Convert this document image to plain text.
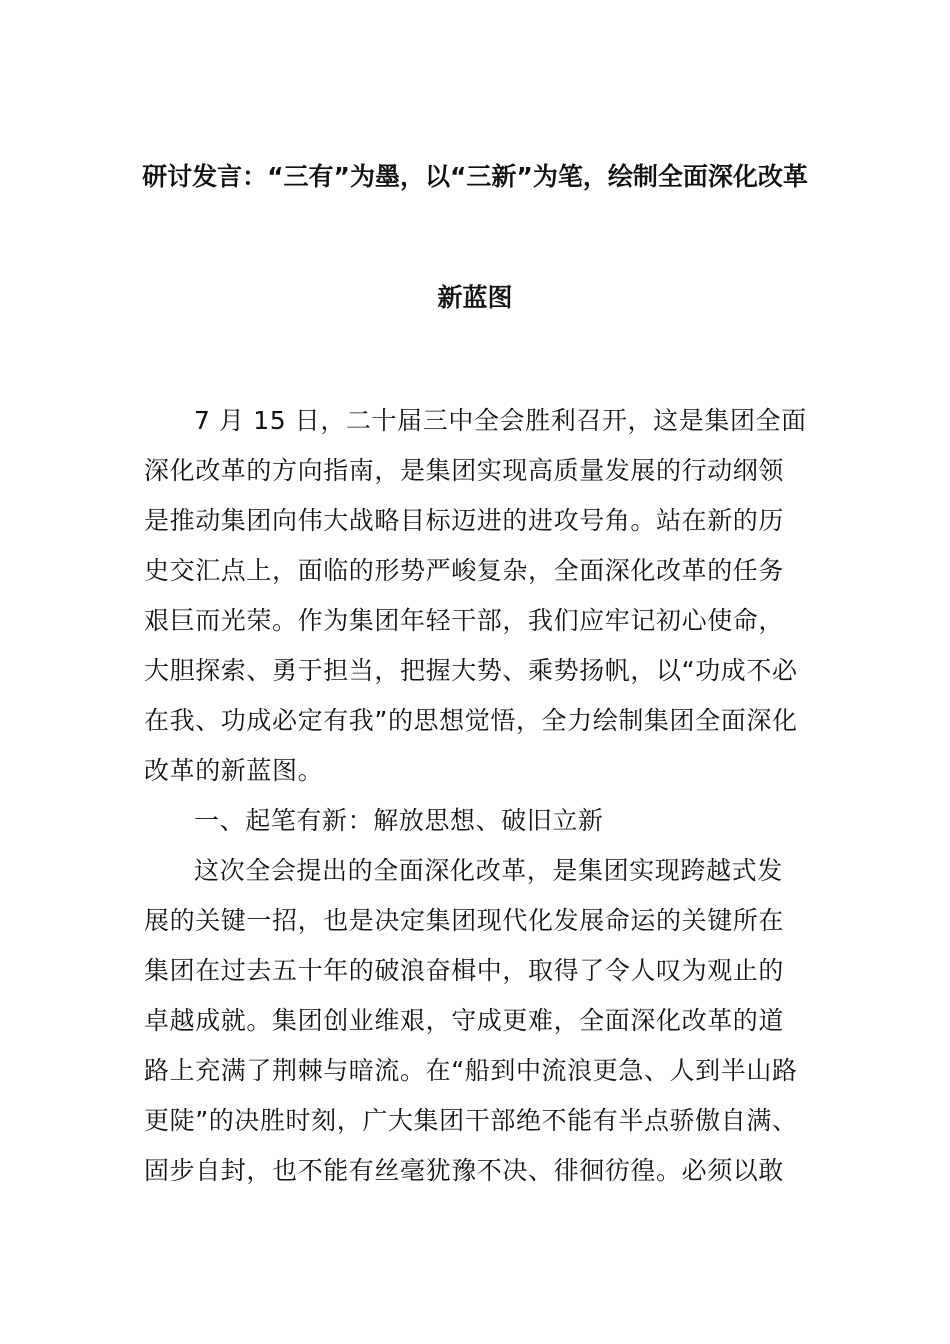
研讨发言：“三有”为墨，以“三新”为笔，绘制全面深化改革
新蓝图
7 月 15 日，二十届三中全会胜利召开，这是集团全面
深化改革的方向指南，是集团实现高质量发展的行动纲领
是推动集团向伟大战略目标迈进的进攻号角。站在新的历
史交汇点上，面临的形势严峻复杂，全面深化改革的任务
艰巨而光荣。作为集团年轻干部，我们应牢记初心使命，
大胆探索、勇于担当，把握大势、乘势扬帆，以“功成不必
在我、功成必定有我”的思想觉悟，全力绘制集团全面深化
改革的新蓝图。
一、起笔有新：解放思想、破旧立新
这次全会提出的全面深化改革，是集团实现跨越式发
展的关键一招，也是决定集团现代化发展命运的关键所在
集团在过去五十年的破浪奋楫中，取得了令人叹为观止的
卓越成就。集团创业维艰，守成更难，全面深化改革的道
路上充满了荆棘与暗流。在“船到中流浪更急、人到半山路
更陡”的决胜时刻，广大集团干部绝不能有半点骄傲自满、
固步自封，也不能有丝毫犹豫不决、徘徊彷徨。必须以敢
